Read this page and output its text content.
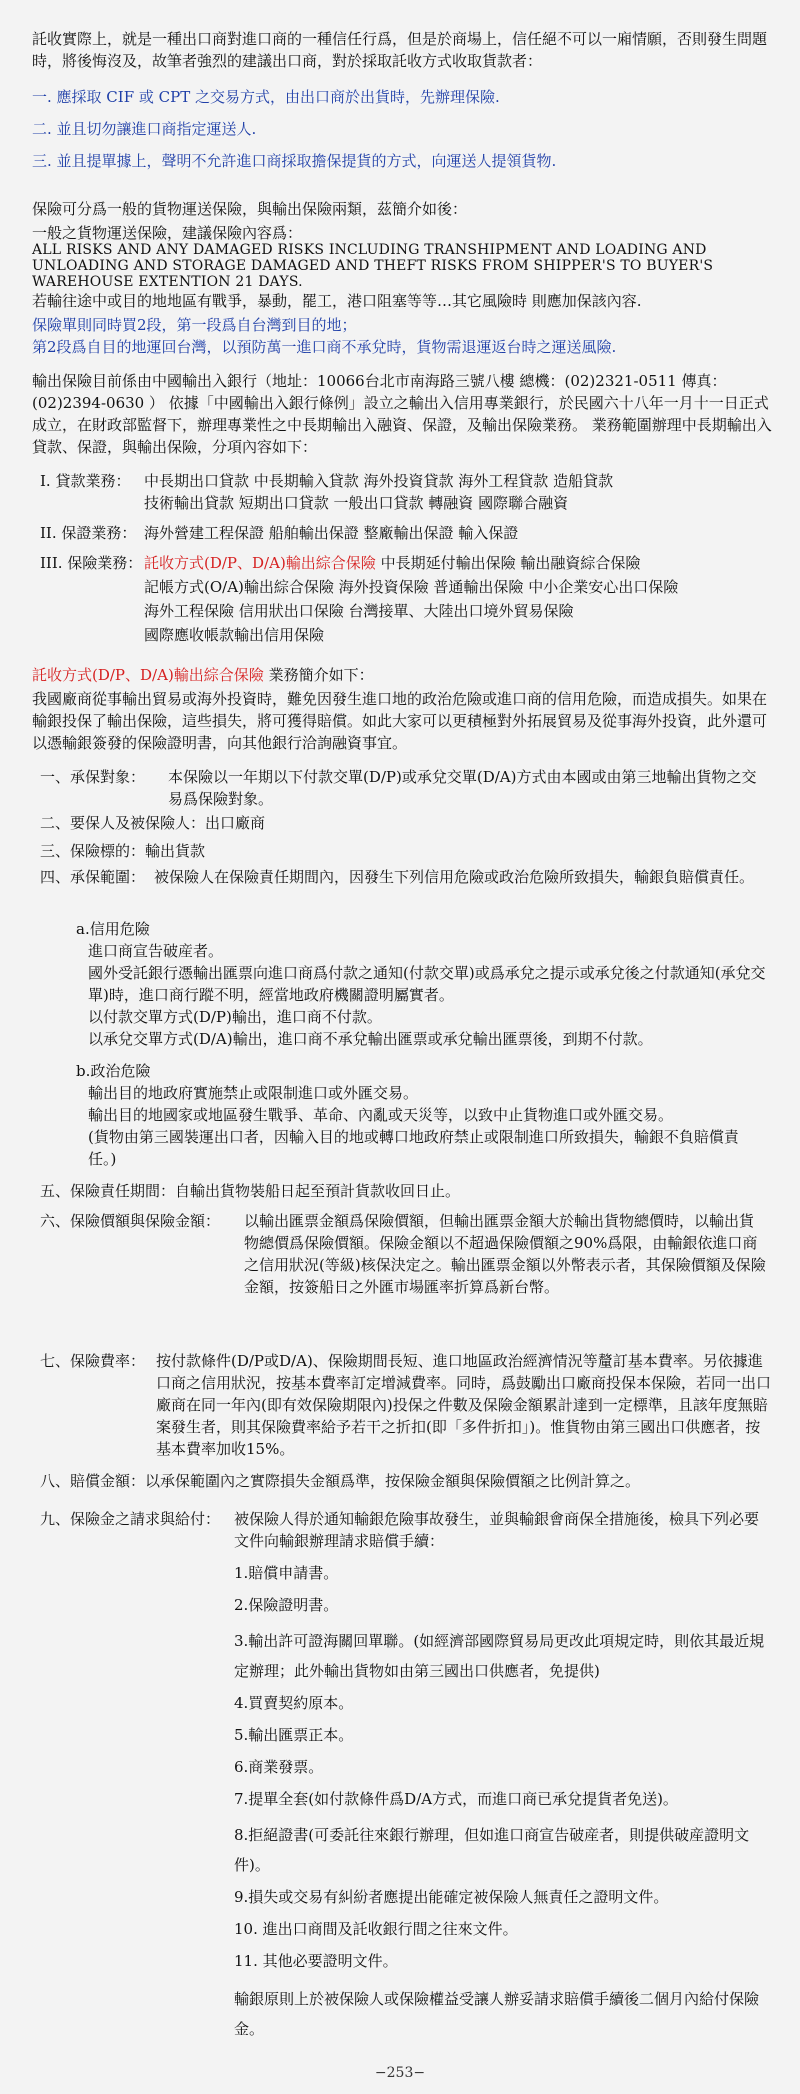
託收實際上，就是一種出口商對進口商的一種信任行爲，但是於商場上，信任絕不可以一廂情願，否則發生問題時，將後悔沒及，故筆者強烈的建議出口商，對於採取託收方式收取貨款者：
一. 應採取 CIF 或 CPT 之交易方式，由出口商於出貨時，先辦理保險.
二. 並且切勿讓進口商指定運送人.
三. 並且提單據上，聲明不允許進口商採取擔保提貨的方式，向運送人提領貨物.
保險可分爲一般的貨物運送保險，與輸出保險兩類，茲簡介如後：
一般之貨物運送保險，建議保險內容爲：
ALL RISKS AND ANY DAMAGED RISKS INCLUDING TRANSHIPMENT AND LOADING AND UNLOADING AND STORAGE DAMAGED AND THEFT RISKS FROM SHIPPER'S TO BUYER'S WAREHOUSE EXTENTION 21 DAYS.
若輸往途中或目的地地區有戰爭，暴動，罷工，港口阻塞等等…其它風險時 則應加保該內容.
保險單則同時買2段，第一段爲自台灣到目的地；
第2段爲自目的地運回台灣，以預防萬一進口商不承兌時，貨物需退運返台時之運送風險.
輸出保險目前係由中國輸出入銀行（地址：10066台北市南海路三號八樓 總機：(02)2321-0511 傳真：(02)2394-0630 ） 依據「中國輸出入銀行條例」設立之輸出入信用專業銀行，於民國六十八年一月十一日正式成立，在財政部監督下，辦理專業性之中長期輸出入融資、保證，及輸出保險業務。 業務範圍辦理中長期輸出入貸款、保證，與輸出保險，分項內容如下：
I. 貸款業務： 中長期出口貸款 中長期輸入貸款 海外投資貸款 海外工程貸款 造船貸款
技術輸出貸款 短期出口貸款 一般出口貸款 轉融資 國際聯合融資
II. 保證業務： 海外營建工程保證 船舶輸出保證 整廠輸出保證 輸入保證
III. 保險業務： 託收方式(D/P、D/A)輸出綜合保險 中長期延付輸出保險 輸出融資綜合保險
記帳方式(O/A)輸出綜合保險 海外投資保險 普通輸出保險 中小企業安心出口保險
海外工程保險 信用狀出口保險 台灣接單、大陸出口境外貿易保險
國際應收帳款輸出信用保險
託收方式(D/P、D/A)輸出綜合保險 業務簡介如下：
我國廠商從事輸出貿易或海外投資時，難免因發生進口地的政治危險或進口商的信用危險，而造成損失。如果在輸銀投保了輸出保險，這些損失，將可獲得賠償。如此大家可以更積極對外拓展貿易及從事海外投資，此外還可以憑輸銀簽發的保險證明書，向其他銀行洽詢融資事宜。
一、承保對象： 本保險以一年期以下付款交單(D/P)或承兌交單(D/A)方式由本國或由第三地輸出貨物之交易爲保險對象。
二、要保人及被保險人：出口廠商
三、保險標的：輸出貨款
四、承保範圍： 被保險人在保險責任期間內，因發生下列信用危險或政治危險所致損失，輸銀負賠償責任。
a.信用危險
進口商宣告破産者。
國外受託銀行憑輸出匯票向進口商爲付款之通知(付款交單)或爲承兌之提示或承兌後之付款通知(承兌交單)時，進口商行蹤不明，經當地政府機關證明屬實者。
以付款交單方式(D/P)輸出，進口商不付款。
以承兌交單方式(D/A)輸出，進口商不承兌輸出匯票或承兌輸出匯票後，到期不付款。
b.政治危險
輸出目的地政府實施禁止或限制進口或外匯交易。
輸出目的地國家或地區發生戰爭、革命、內亂或天災等，以致中止貨物進口或外匯交易。
(貨物由第三國裝運出口者，因輸入目的地或轉口地政府禁止或限制進口所致損失，輸銀不負賠償責任。)
五、保險責任期間：自輸出貨物裝船日起至預計貨款收回日止。
六、保險價額與保險金額： 以輸出匯票金額爲保險價額，但輸出匯票金額大於輸出貨物總價時，以輸出貨物總價爲保險價額。保險金額以不超過保險價額之90%爲限，由輸銀依進口商之信用狀況(等級)核保決定之。輸出匯票金額以外幣表示者，其保險價額及保險金額，按簽船日之外匯市場匯率折算爲新台幣。
七、保險費率： 按付款條件(D/P或D/A)、保險期間長短、進口地區政治經濟情況等釐訂基本費率。另依據進口商之信用狀況，按基本費率訂定增減費率。同時，爲鼓勵出口廠商投保本保險，若同一出口廠商在同一年內(即有效保險期限內)投保之件數及保險金額累計達到一定標準，且該年度無賠案發生者，則其保險費率給予若干之折扣(即「多件折扣」)。惟貨物由第三國出口供應者，按基本費率加收15%。
八、賠償金額：以承保範圍內之實際損失金額爲準，按保險金額與保險價額之比例計算之。
九、保險金之請求與給付： 被保險人得於通知輸銀危險事故發生，並與輸銀會商保全措施後，檢具下列必要文件向輸銀辦理請求賠償手續：
1.賠償申請書。
2.保險證明書。
3.輸出許可證海關回單聯。(如經濟部國際貿易局更改此項規定時，則依其最近規定辦理；此外輸出貨物如由第三國出口供應者，免提供)
4.買賣契約原本。
5.輸出匯票正本。
6.商業發票。
7.提單全套(如付款條件爲D/A方式，而進口商已承兌提貨者免送)。
8.拒絕證書(可委託往來銀行辦理，但如進口商宣告破産者，則提供破産證明文件)。
9.損失或交易有糾紛者應提出能確定被保險人無責任之證明文件。
10. 進出口商間及託收銀行間之往來文件。
11. 其他必要證明文件。
輸銀原則上於被保險人或保險權益受讓人辦妥請求賠償手續後二個月內給付保險金。
−253−
